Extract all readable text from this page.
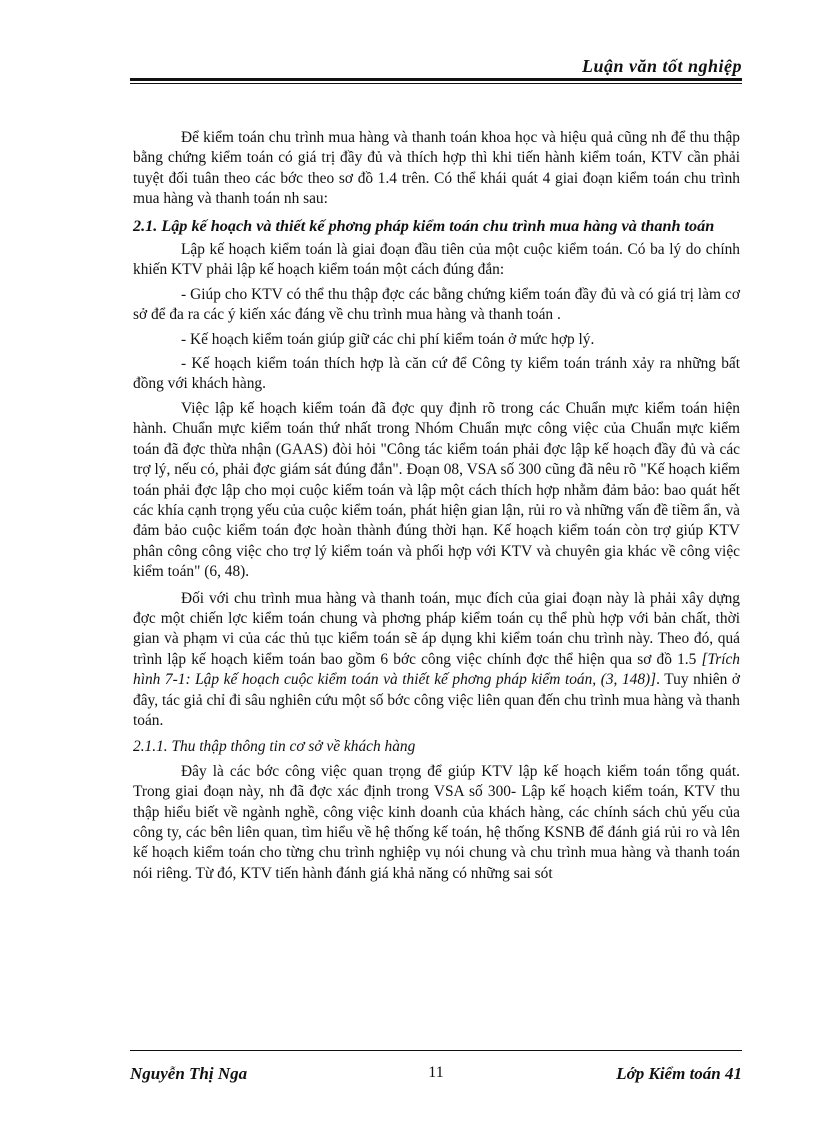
Luận văn tốt nghiệp

Để kiểm toán chu trình mua hàng và thanh toán khoa học và hiệu quả cũng nh để thu thập bằng chứng kiểm toán có giá trị đầy đủ và thích hợp thì khi tiến hành kiểm toán, KTV cần phải tuyệt đối tuân theo các bớc theo sơ đồ 1.4 trên. Có thể khái quát 4 giai đoạn kiểm toán chu trình mua hàng và thanh toán nh sau:

2.1. Lập kế hoạch và thiết kế phơng pháp kiểm toán chu trình mua hàng và thanh toán

Lập kế hoạch kiểm toán là giai đoạn đầu tiên của một cuộc kiểm toán. Có ba lý do chính khiến KTV phải lập kế hoạch kiểm toán một cách đúng đắn:

- Giúp cho KTV có thể thu thập đợc các bằng chứng kiểm toán đầy đủ và có giá trị làm cơ sở để đa ra các ý kiến xác đáng về chu trình mua hàng và thanh toán .

- Kế hoạch kiểm toán giúp giữ các chi phí kiểm toán ở mức hợp lý.

- Kế hoạch kiểm toán thích hợp là căn cứ để Công ty kiểm toán tránh xảy ra những bất đồng với khách hàng.

Việc lập kế hoạch kiểm toán đã đợc quy định rõ trong các Chuẩn mực kiểm toán hiện hành. Chuẩn mực kiểm toán thứ nhất trong Nhóm Chuẩn mực công việc của Chuẩn mực kiểm toán đã đợc thừa nhận (GAAS) đòi hỏi "Công tác kiểm toán phải đợc lập kế hoạch đầy đủ và các trợ lý, nếu có, phải đợc giám sát đúng đắn". Đoạn 08, VSA số 300 cũng đã nêu rõ "Kế hoạch kiểm toán phải đợc lập cho mọi cuộc kiểm toán và lập một cách thích hợp nhằm đảm bảo: bao quát hết các khía cạnh trọng yếu của cuộc kiểm toán, phát hiện gian lận, rủi ro và những vấn đề tiềm ẩn, và đảm bảo cuộc kiểm toán đợc hoàn thành đúng thời hạn. Kế hoạch kiểm toán còn trợ giúp KTV phân công công việc cho trợ lý kiểm toán và phối hợp với KTV và chuyên gia khác về công việc kiểm toán" (6, 48).

Đối với chu trình mua hàng và thanh toán, mục đích của giai đoạn này là phải xây dựng đợc một chiến lợc kiểm toán chung và phơng pháp kiểm toán cụ thể phù hợp với bản chất, thời gian và phạm vi của các thủ tục kiểm toán sẽ áp dụng khi kiểm toán chu trình này. Theo đó, quá trình lập kế hoạch kiểm toán bao gồm 6 bớc công việc chính đợc thể hiện qua sơ đồ 1.5 [Trích hình 7-1: Lập kế hoạch cuộc kiểm toán và thiết kế phơng pháp kiểm toán, (3, 148)]. Tuy nhiên ở đây, tác giả chỉ đi sâu nghiên cứu một số bớc công việc liên quan đến chu trình mua hàng và thanh toán.

2.1.1. Thu thập thông tin cơ sở về khách hàng

Đây là các bớc công việc quan trọng để giúp KTV lập kế hoạch kiểm toán tổng quát. Trong giai đoạn này, nh đã đợc xác định trong VSA số 300- Lập kế hoạch kiểm toán, KTV thu thập hiểu biết về ngành nghề, công việc kinh doanh của khách hàng, các chính sách chủ yếu của công ty, các bên liên quan, tìm hiểu về hệ thống kế toán, hệ thống KSNB để đánh giá rủi ro và lên kế hoạch kiểm toán cho từng chu trình nghiệp vụ nói chung và chu trình mua hàng và thanh toán nói riêng. Từ đó, KTV tiến hành đánh giá khả năng có những sai sót

Nguyễn Thị Nga	11	Lớp Kiểm toán 41
